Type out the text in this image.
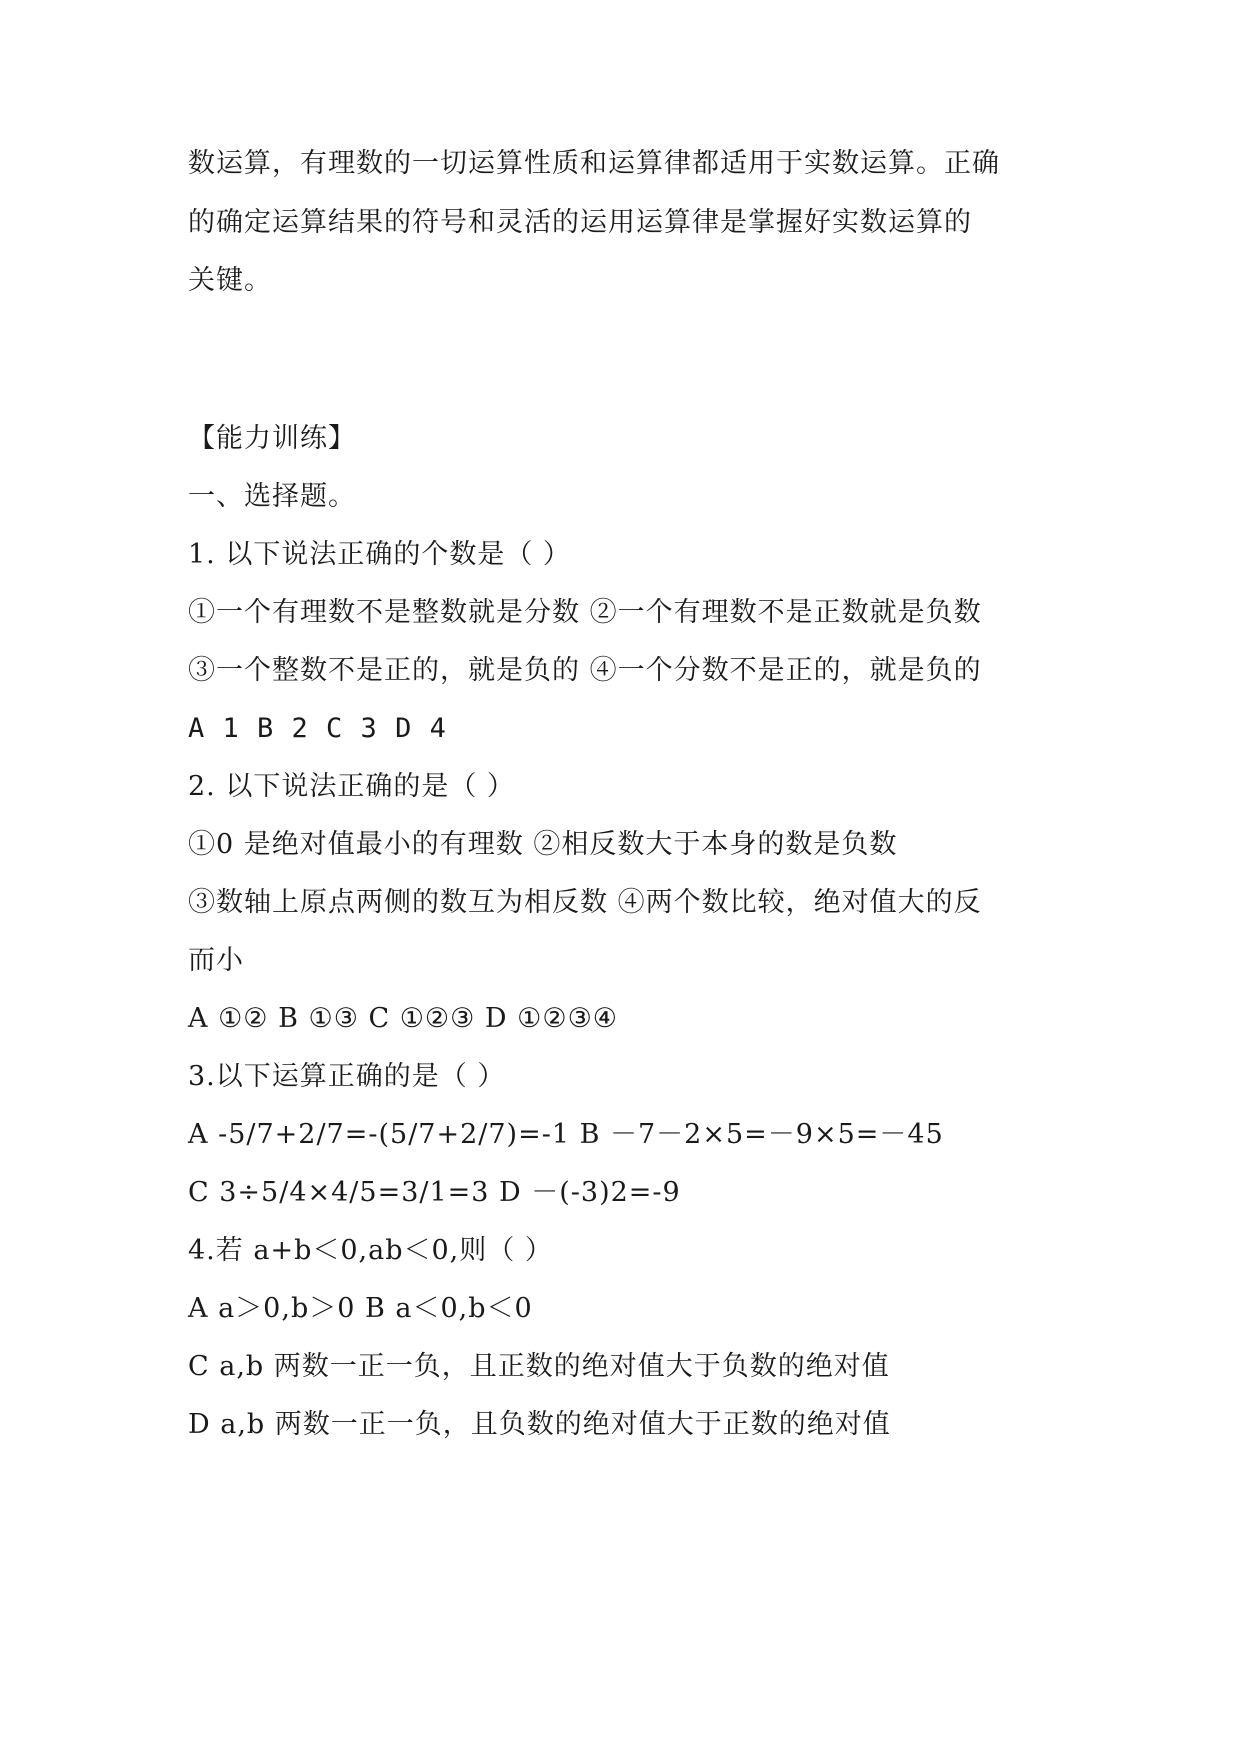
数运算，有理数的一切运算性质和运算律都适用于实数运算。正确
的确定运算结果的符号和灵活的运用运算律是掌握好实数运算的
关键。
【能力训练】
一、选择题。
1. 以下说法正确的个数是（ ）
①一个有理数不是整数就是分数 ②一个有理数不是正数就是负数
③一个整数不是正的，就是负的 ④一个分数不是正的，就是负的
A 1 B 2 C 3 D 4
2. 以下说法正确的是（ ）
①0 是绝对值最小的有理数 ②相反数大于本身的数是负数
③数轴上原点两侧的数互为相反数 ④两个数比较，绝对值大的反
而小
A ①② B ①③ C ①②③ D ①②③④
3.以下运算正确的是（ ）
A -5/7+2/7=-(5/7+2/7)=-1 B －7－2×5=－9×5=－45
C 3÷5/4×4/5=3/1=3 D －(-3)2=-9
4.若 a+b＜0,ab＜0,则（ ）
A a＞0,b＞0 B a＜0,b＜0
C a,b 两数一正一负，且正数的绝对值大于负数的绝对值
D a,b 两数一正一负，且负数的绝对值大于正数的绝对值
